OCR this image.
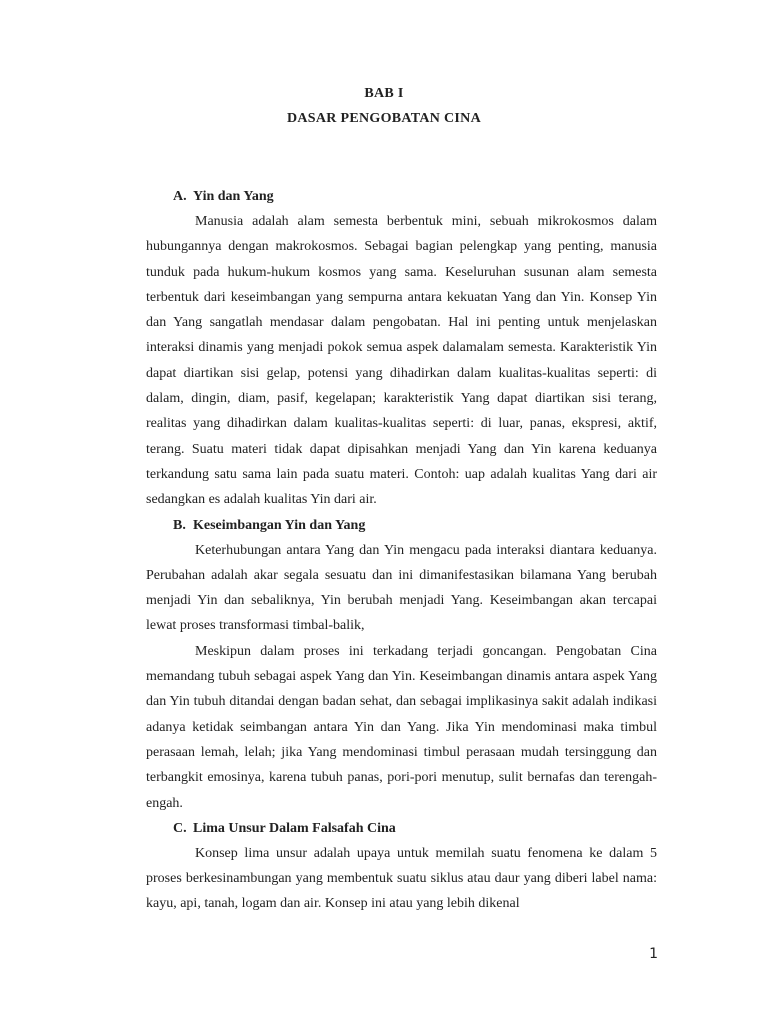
BAB I
DASAR PENGOBATAN CINA
A. Yin dan Yang

Manusia adalah alam semesta berbentuk mini, sebuah mikrokosmos dalam hubungannya dengan makrokosmos. Sebagai bagian pelengkap yang penting, manusia tunduk pada hukum-hukum kosmos yang sama. Keseluruhan susunan alam semesta terbentuk dari keseimbangan yang sempurna antara kekuatan Yang dan Yin. Konsep Yin dan Yang sangatlah mendasar dalam pengobatan. Hal ini penting untuk menjelaskan interaksi dinamis yang menjadi pokok semua aspek dalamalam semesta. Karakteristik Yin dapat diartikan sisi gelap, potensi yang dihadirkan dalam kualitas-kualitas seperti: di dalam, dingin, diam, pasif, kegelapan; karakteristik Yang dapat diartikan sisi terang, realitas yang dihadirkan dalam kualitas-kualitas seperti: di luar, panas, ekspresi, aktif, terang. Suatu materi tidak dapat dipisahkan menjadi Yang dan Yin karena keduanya terkandung satu sama lain pada suatu materi. Contoh: uap adalah kualitas Yang dari air sedangkan es adalah kualitas Yin dari air.

B. Keseimbangan Yin dan Yang

Keterhubungan antara Yang dan Yin mengacu pada interaksi diantara keduanya. Perubahan adalah akar segala sesuatu dan ini dimanifestasikan bilamana Yang berubah menjadi Yin dan sebaliknya, Yin berubah menjadi Yang. Keseimbangan akan tercapai lewat proses transformasi timbal-balik,

Meskipun dalam proses ini terkadang terjadi goncangan. Pengobatan Cina memandang tubuh sebagai aspek Yang dan Yin. Keseimbangan dinamis antara aspek Yang dan Yin tubuh ditandai dengan badan sehat, dan sebagai implikasinya sakit adalah indikasi adanya ketidak seimbangan antara Yin dan Yang. Jika Yin mendominasi maka timbul perasaan lemah, lelah; jika Yang mendominasi timbul perasaan mudah tersinggung dan terbangkit emosinya, karena tubuh panas, pori-pori menutup, sulit bernafas dan terengah-engah.

C. Lima Unsur Dalam Falsafah Cina

Konsep lima unsur adalah upaya untuk memilah suatu fenomena ke dalam 5 proses berkesinambungan yang membentuk suatu siklus atau daur yang diberi label nama: kayu, api, tanah, logam dan air. Konsep ini atau yang lebih dikenal

1
